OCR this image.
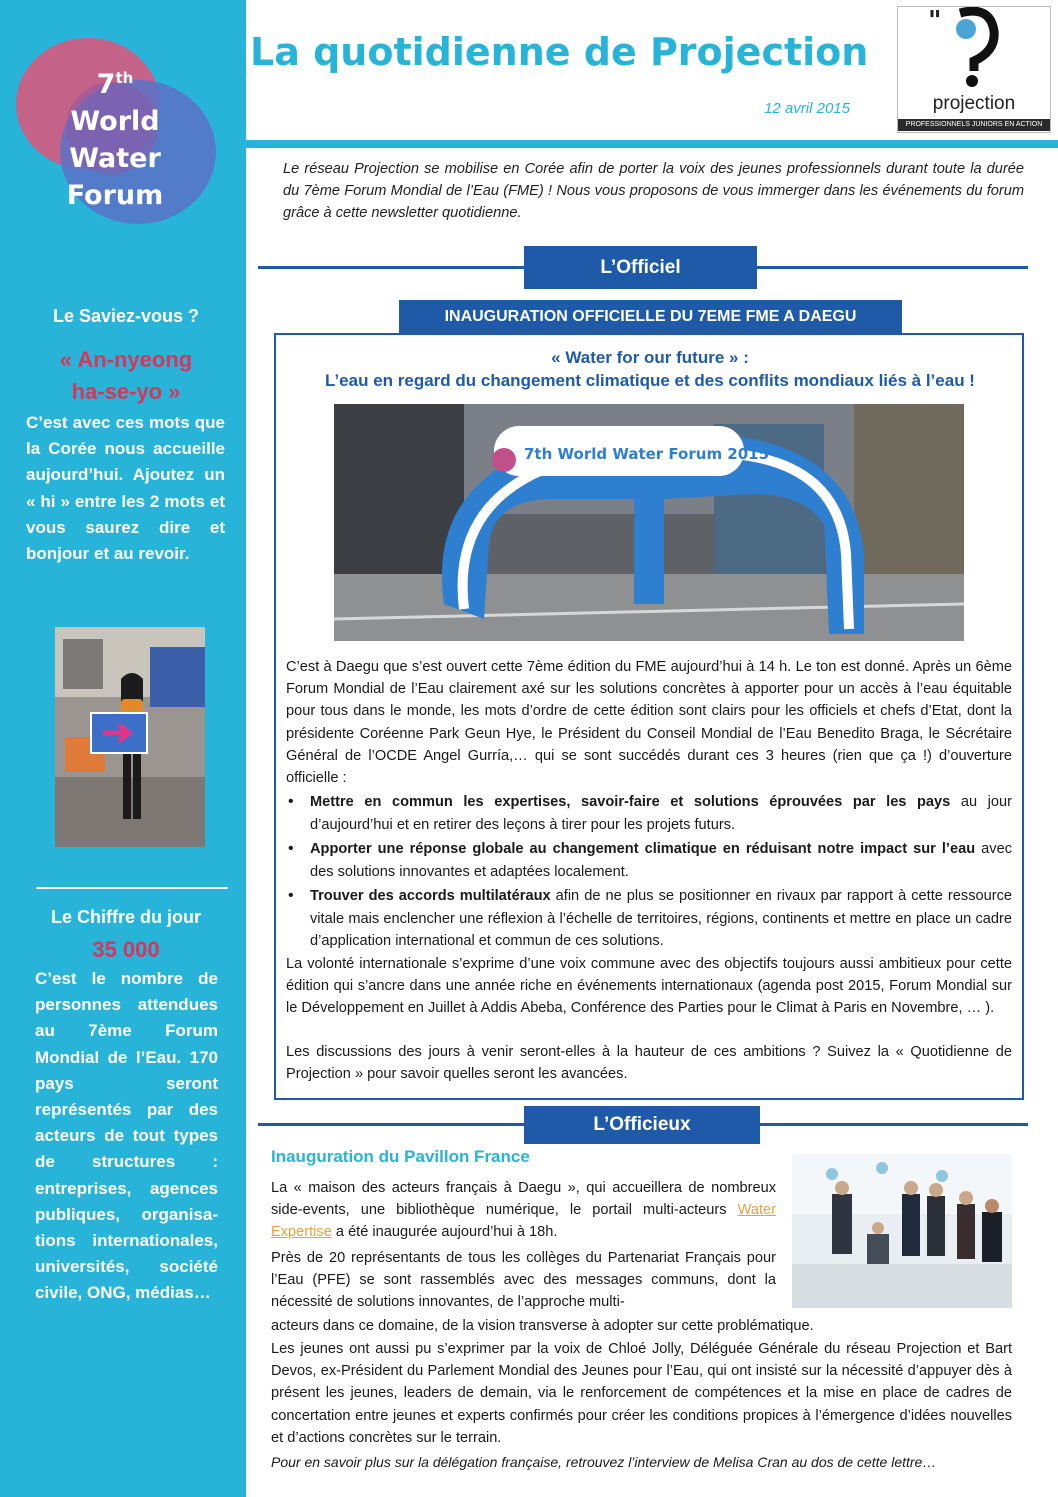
7th
World
Water
Forum
Le Saviez-vous ?
« An-nyeong
ha-se-yo »
C’est avec ces mots que la Corée nous accueille aujourd’hui. Ajoutez un « hi » entre les 2 mots et vous saurez dire et bonjour et au revoir.
Le Chiffre du jour
35 000
C’est le nombre de personnes attendues au 7ème Forum Mondial de l’Eau. 170 pays seront représentés par des acteurs de tout types de structures : entreprises, agences publiques, organisa-tions internationales, universités, société civile, ONG, médias…
La quotidienne de Projection
12 avril 2015
"
projection
PROFESSIONNELS JUNIORS EN ACTION
Le réseau Projection se mobilise en Corée afin de porter la voix des jeunes professionnels durant toute la durée du 7ème Forum Mondial de l’Eau (FME) ! Nous vous proposons de vous immerger dans les événements du forum grâce à cette newsletter quotidienne.
L’Officiel
INAUGURATION OFFICIELLE DU 7EME FME A DAEGU
« Water for our future » :
L’eau en regard du changement climatique et des conflits mondiaux liés à l’eau !
7th World Water Forum 2015
C’est à Daegu que s’est ouvert cette 7ème édition du FME aujourd’hui à 14 h. Le ton est donné. Après un 6ème Forum Mondial de l’Eau clairement axé sur les solutions concrètes à apporter pour un accès à l’eau équitable pour tous dans le monde, les mots d’ordre de cette édition sont clairs pour les officiels et chefs d’Etat, dont la présidente Coréenne Park Geun Hye, le Président du Conseil Mondial de l’Eau Benedito Braga, le Sécrétaire Général de l’OCDE Angel Gurría,… qui se sont succédés durant ces 3 heures (rien que ça !) d’ouverture officielle :
• Mettre en commun les expertises, savoir-faire et solutions éprouvées par les pays au jour d’aujourd’hui et en retirer des leçons à tirer pour les projets futurs.
• Apporter une réponse globale au changement climatique en réduisant notre impact sur l’eau avec des solutions innovantes et adaptées localement.
• Trouver des accords multilatéraux afin de ne plus se positionner en rivaux par rapport à cette ressource vitale mais enclencher une réflexion à l’échelle de territoires, régions, continents et mettre en place un cadre d’application international et commun de ces solutions.
La volonté internationale s’exprime d’une voix commune avec des objectifs toujours aussi ambitieux pour cette édition qui s’ancre dans une année riche en événements internationaux (agenda post 2015, Forum Mondial sur le Développement en Juillet à Addis Abeba, Conférence des Parties pour le Climat à Paris en Novembre, … ).
Les discussions des jours à venir seront-elles à la hauteur de ces ambitions ? Suivez la « Quotidienne de Projection » pour savoir quelles seront les avancées.
L’Officieux
Inauguration du Pavillon France
La « maison des acteurs français à Daegu », qui accueillera de nombreux side-events, une bibliothèque numérique, le portail multi-acteurs Water Expertise a été inaugurée aujourd’hui à 18h.
Près de 20 représentants de tous les collèges du Partenariat Français pour l’Eau (PFE) se sont rassemblés avec des messages communs, dont la nécessité de solutions innovantes, de l’approche multi-
acteurs dans ce domaine, de la vision transverse à adopter sur cette problématique.
Les jeunes ont aussi pu s’exprimer par la voix de Chloé Jolly, Déléguée Générale du réseau Projection et Bart Devos, ex-Président du Parlement Mondial des Jeunes pour l’Eau, qui ont insisté sur la nécessité d’appuyer dès à présent les jeunes, leaders de demain, via le renforcement de compétences et la mise en place de cadres de concertation entre jeunes et experts confirmés pour créer les conditions propices à l’émergence d’idées nouvelles et d’actions concrètes sur le terrain.
Pour en savoir plus sur la délégation française, retrouvez l’interview de Melisa Cran au dos de cette lettre…
